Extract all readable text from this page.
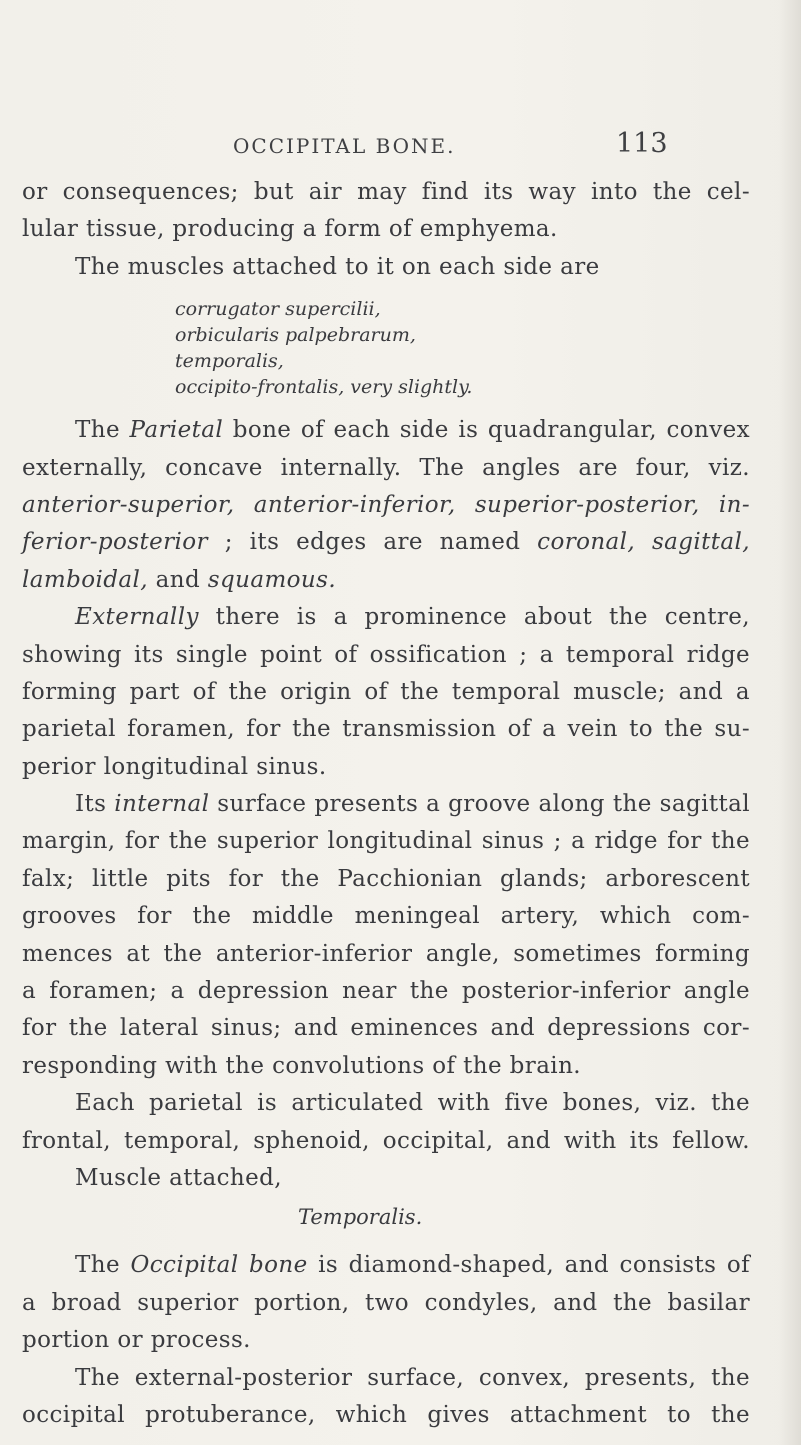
OCCIPITAL BONE.	113
or consequences; but air may find its way into the cel-
lular tissue, producing a form of emphyema.
The muscles attached to it on each side are
corrugator supercilii,
orbicularis palpebrarum,
temporalis,
occipito-frontalis, very slightly.
The Parietal bone of each side is quadrangular, convex
externally, concave internally. The angles are four, viz.
anterior-superior, anterior-inferior, superior-posterior, in-
ferior-posterior ; its edges are named coronal, sagittal,
lamboidal, and squamous.
Externally there is a prominence about the centre,
showing its single point of ossification ; a temporal ridge
forming part of the origin of the temporal muscle; and a
parietal foramen, for the transmission of a vein to the su-
perior longitudinal sinus.
Its internal surface presents a groove along the sagittal
margin, for the superior longitudinal sinus ; a ridge for the
falx; little pits for the Pacchionian glands; arborescent
grooves for the middle meningeal artery, which com-
mences at the anterior-inferior angle, sometimes forming
a foramen; a depression near the posterior-inferior angle
for the lateral sinus; and eminences and depressions cor-
responding with the convolutions of the brain.
Each parietal is articulated with five bones, viz. the
frontal, temporal, sphenoid, occipital, and with its fellow.
Muscle attached,
Temporalis.
The Occipital bone is diamond-shaped, and consists of
a broad superior portion, two condyles, and the basilar
portion or process.
The external-posterior surface, convex, presents, the
occipital protuberance, which gives attachment to the
